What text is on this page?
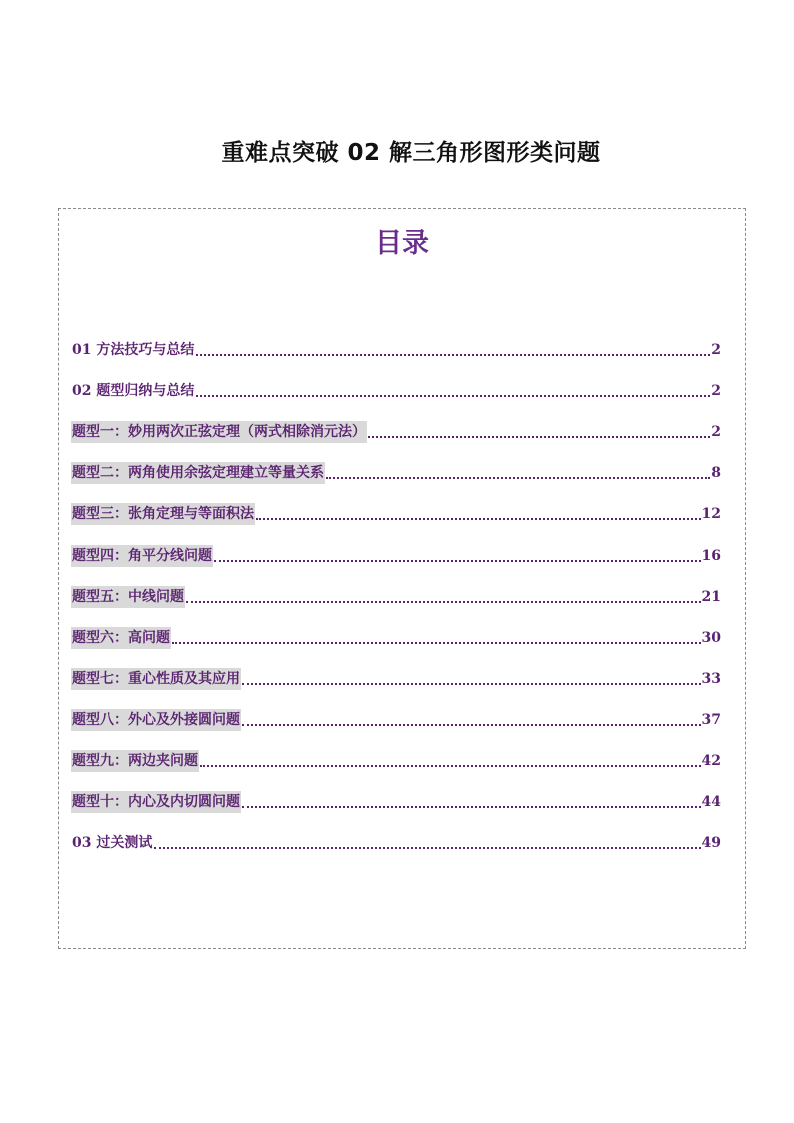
重难点突破 02 解三角形图形类问题
目录
01 方法技巧与总结	2
02 题型归纳与总结	2
题型一：妙用两次正弦定理（两式相除消元法）	2
题型二：两角使用余弦定理建立等量关系	8
题型三：张角定理与等面积法	12
题型四：角平分线问题	16
题型五：中线问题	21
题型六：高问题	30
题型七：重心性质及其应用	33
题型八：外心及外接圆问题	37
题型九：两边夹问题	42
题型十：内心及内切圆问题	44
03 过关测试	49
